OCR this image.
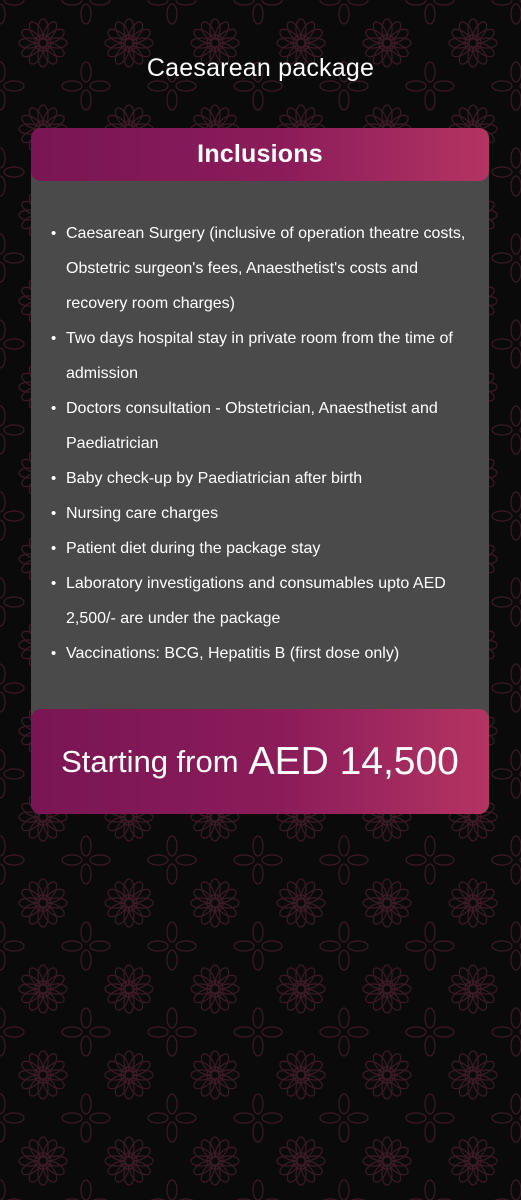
Caesarean package
Inclusions
• Caesarean Surgery (inclusive of operation theatre costs, Obstetric surgeon's fees, Anaesthetist's costs and recovery room charges)
• Two days hospital stay in private room from the time of admission
• Doctors consultation - Obstetrician, Anaesthetist and Paediatrician
• Baby check-up by Paediatrician after birth
• Nursing care charges
• Patient diet during the package stay
• Laboratory investigations and consumables upto AED 2,500/- are under the package
• Vaccinations: BCG, Hepatitis B (first dose only)
Starting from AED 14,500
